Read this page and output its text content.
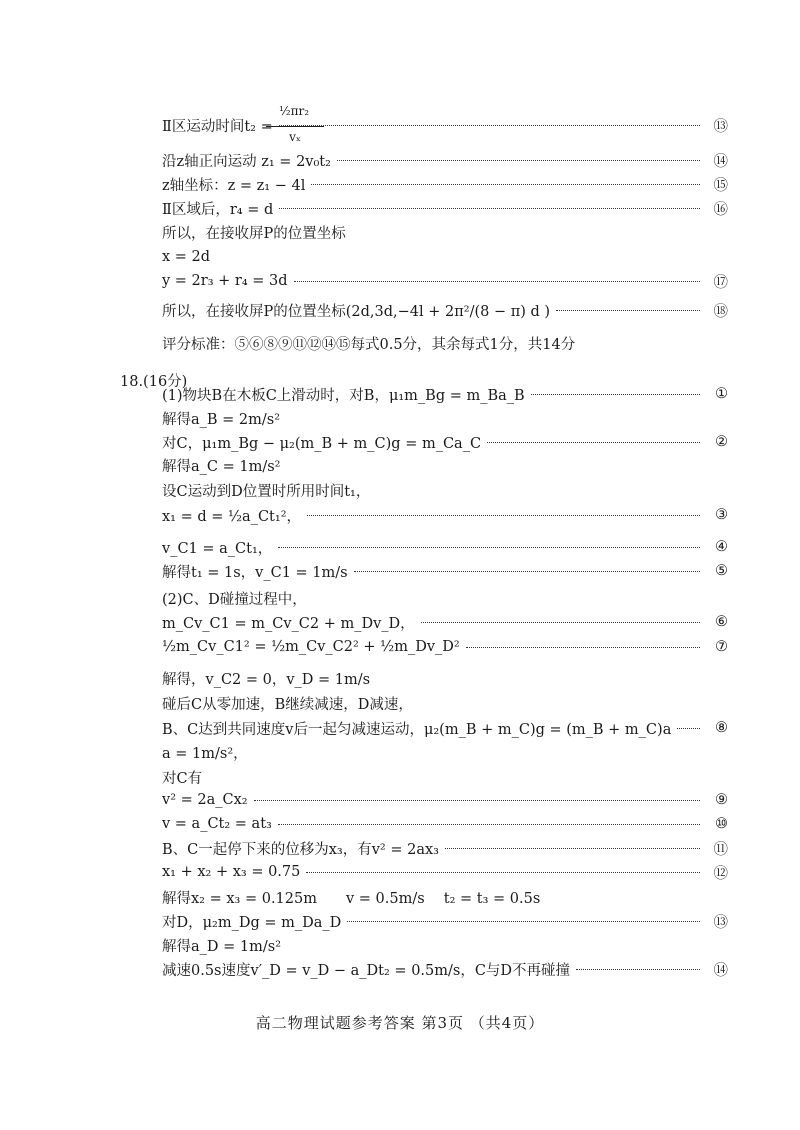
½πr₂
vₓ
18.(16分)
Ⅱ区运动时间t₂ =	⑬
沿z轴正向运动 z₁ = 2v₀t₂	⑭
z轴坐标：z = z₁ − 4l	⑮
Ⅱ区域后，r₄ = d	⑯
所以，在接收屏P的位置坐标
x = 2d
y = 2r₃ + r₄ = 3d	⑰
所以，在接收屏P的位置坐标(2d,3d,−4l + 2π²/(8 − π) d )	⑱
评分标准：⑤⑥⑧⑨⑪⑫⑭⑮每式0.5分，其余每式1分，共14分
(1)物块B在木板C上滑动时，对B，μ₁m_Bg = m_Ba_B	①
解得a_B = 2m/s²
对C，μ₁m_Bg − μ₂(m_B + m_C)g = m_Ca_C	②
解得a_C = 1m/s²
设C运动到D位置时所用时间t₁，
x₁ = d = ½a_Ct₁²，	③
v_C1 = a_Ct₁，	④
解得t₁ = 1s，v_C1 = 1m/s	⑤
(2)C、D碰撞过程中，
m_Cv_C1 = m_Cv_C2 + m_Dv_D，	⑥
½m_Cv_C1² = ½m_Cv_C2² + ½m_Dv_D²	⑦
解得，v_C2 = 0，v_D = 1m/s
碰后C从零加速，B继续减速，D减速，
B、C达到共同速度v后一起匀减速运动，μ₂(m_B + m_C)g = (m_B + m_C)a	⑧
a = 1m/s²，
对C有
v² = 2a_Cx₂	⑨
v = a_Ct₂ = at₃	⑩
B、C一起停下来的位移为x₃，有v² = 2ax₃	⑪
x₁ + x₂ + x₃ = 0.75	⑫
解得x₂ = x₃ = 0.125m　　v = 0.5m/s　 t₂ = t₃ = 0.5s
对D，μ₂m_Dg = m_Da_D	⑬
解得a_D = 1m/s²
减速0.5s速度v′_D = v_D − a_Dt₂ = 0.5m/s，C与D不再碰撞	⑭
高二物理试题参考答案 第3页 （共4页）
